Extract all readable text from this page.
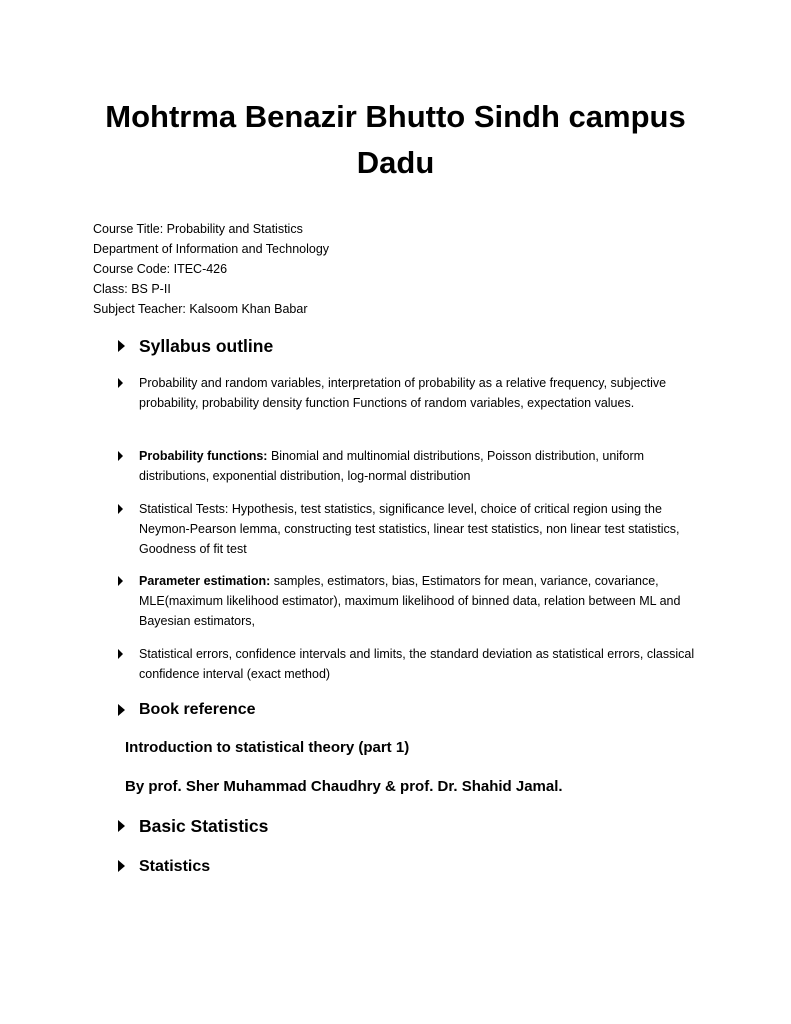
Mohtrma Benazir Bhutto Sindh campus
Dadu
Course Title: Probability and Statistics
Department of Information and Technology
Course Code: ITEC-426
Class: BS P-II
Subject Teacher: Kalsoom Khan Babar
Syllabus outline
Probability and random variables, interpretation of probability as a relative frequency, subjective probability, probability density function Functions of random variables, expectation values.
Probability functions: Binomial and multinomial distributions, Poisson distribution, uniform distributions, exponential distribution, log-normal distribution
Statistical Tests: Hypothesis, test statistics, significance level, choice of critical region using the Neymon-Pearson lemma, constructing test statistics, linear test statistics, non linear test statistics, Goodness of fit test
Parameter estimation: samples, estimators, bias, Estimators for mean, variance, covariance, MLE(maximum likelihood estimator), maximum likelihood of binned data, relation between ML and Bayesian estimators,
Statistical errors, confidence intervals and limits, the standard deviation as statistical errors, classical confidence interval (exact method)
Book reference
Introduction to statistical theory (part 1)
By prof. Sher Muhammad Chaudhry & prof. Dr. Shahid Jamal.
Basic Statistics
Statistics
